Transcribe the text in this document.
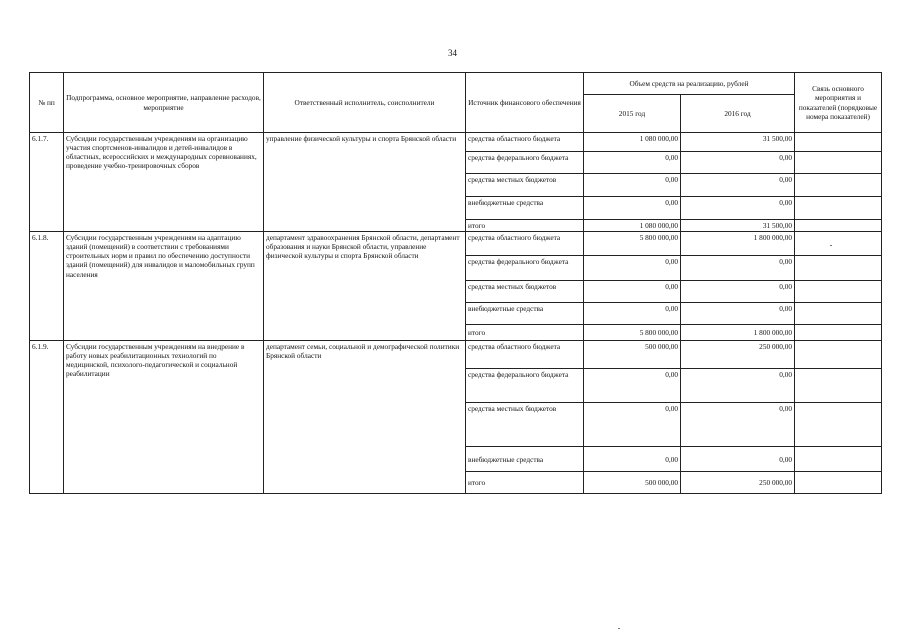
34
№ пп	Подпрограмма, основное мероприятие, направление расходов, мероприятие	Ответственный исполнитель, соисполнители	Источник финансового обеспечения	Объем средств на реализацию, рублей		Связь основного мероприятия и показателей (порядковые номера показателей)
				2015 год	2016 год	
6.1.7.	Субсидии государственным учреждениям на организацию участия спортсменов-инвалидов и детей-инвалидов в областных, всероссийских и международных соревнованиях, проведение учебно-тренировочных сборов	управление физической культуры и спорта Брянской области	средства областного бюджета	1 080 000,00	31 500,00	
			средства федерального бюджета	0,00	0,00	
			средства местных бюджетов	0,00	0,00	
			внебюджетные средства	0,00	0,00	
			итого	1 080 000,00	31 500,00	
6.1.8.	Субсидии государственным учреждениям на адаптацию зданий (помещений) в соответствии с требованиями строительных норм и правил по обеспечению доступности зданий (помещений) для инвалидов и маломобильных групп населения	департамент здравоохранения Брянской области, департамент образования и науки Брянской области, управление физической культуры и спорта Брянской области	средства областного бюджета	5 800 000,00	1 800 000,00	
			средства федерального бюджета	0,00	0,00	
			средства местных бюджетов	0,00	0,00	
			внебюджетные средства	0,00	0,00	
			итого	5 800 000,00	1 800 000,00	
6.1.9.	Субсидии государственным учреждениям на внедрение в работу новых реабилитационных технологий по медицинской, психолого-педагогической и социальной реабилитации	департамент семьи, социальной и демографической политики Брянской области	средства областного бюджета	500 000,00	250 000,00	
			средства федерального бюджета	0,00	0,00	
			средства местных бюджетов	0,00	0,00	
			внебюджетные средства	0,00	0,00	
			итого	500 000,00	250 000,00	
